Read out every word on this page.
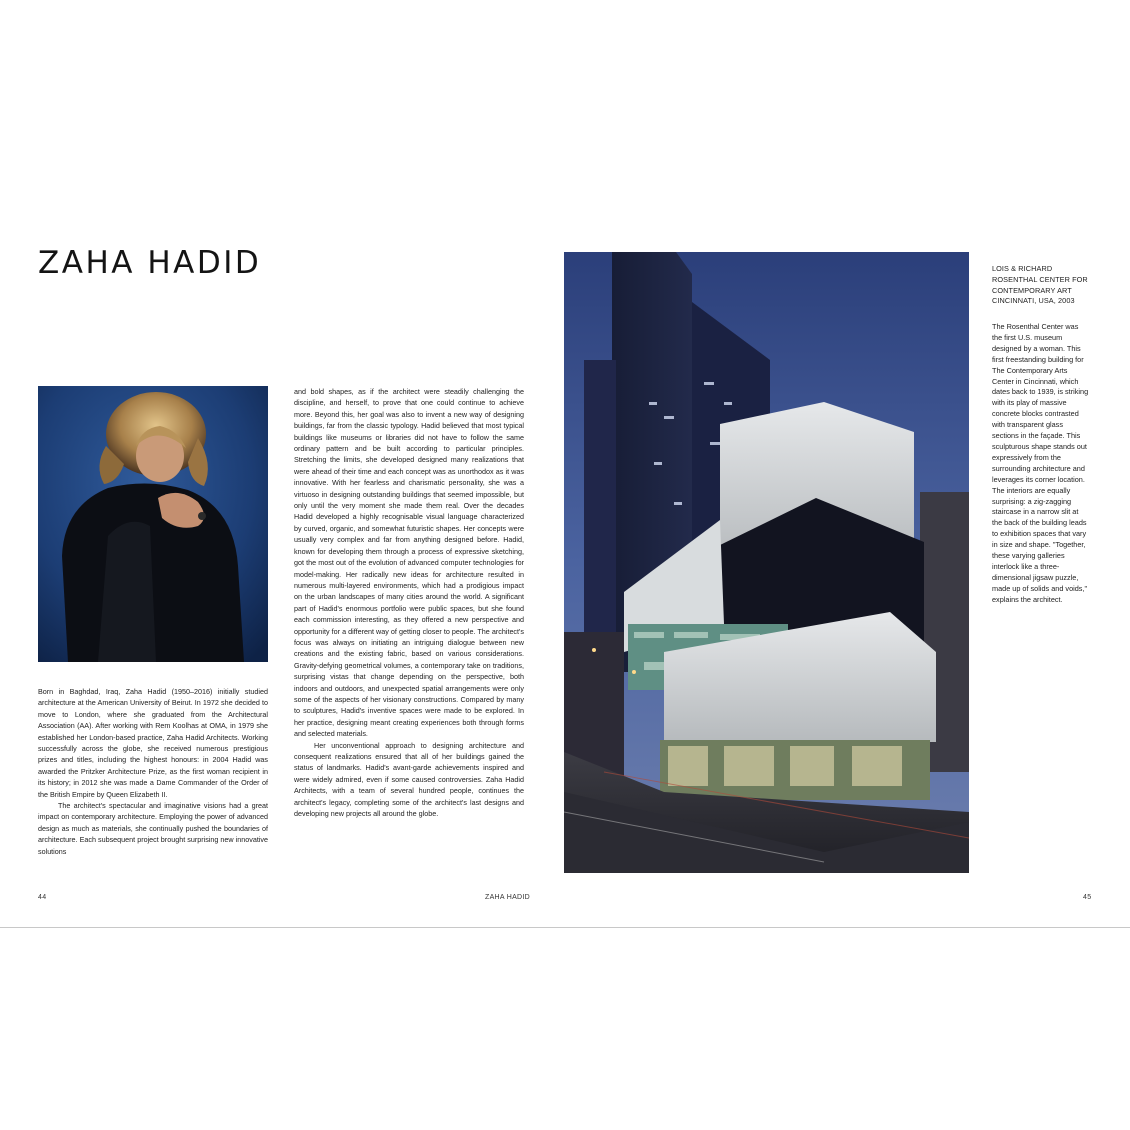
ZAHA HADID

Born in Baghdad, Iraq, Zaha Hadid (1950–2016) initially studied architecture at the American University of Beirut. In 1972 she decided to move to London, where she graduated from the Architectural Association (AA). After working with Rem Koolhas at OMA, in 1979 she established her London-based practice, Zaha Hadid Architects. Working successfully across the globe, she received numerous prestigious prizes and titles, including the highest honours: in 2004 Hadid was awarded the Pritzker Architecture Prize, as the first woman recipient in its history; in 2012 she was made a Dame Commander of the Order of the British Empire by Queen Elizabeth II.

The architect's spectacular and imaginative visions had a great impact on contemporary architecture. Employing the power of advanced design as much as materials, she continually pushed the boundaries of architecture. Each subsequent project brought surprising new innovative solutions

and bold shapes, as if the architect were steadily challenging the discipline, and herself, to prove that one could continue to achieve more. Beyond this, her goal was also to invent a new way of designing buildings, far from the classic typology. Hadid believed that most typical buildings like museums or libraries did not have to follow the same ordinary pattern and be built according to particular principles. Stretching the limits, she developed designed many realizations that were ahead of their time and each concept was as unorthodox as it was innovative. With her fearless and charismatic personality, she was a virtuoso in designing outstanding buildings that seemed impossible, but only until the very moment she made them real. Over the decades Hadid developed a highly recognisable visual language characterized by curved, organic, and somewhat futuristic shapes. Her concepts were usually very complex and far from anything designed before. Hadid, known for developing them through a process of expressive sketching, got the most out of the evolution of advanced computer technologies for model-making. Her radically new ideas for architecture resulted in numerous multi-layered environments, which had a prodigious impact on the urban landscapes of many cities around the world. A significant part of Hadid's enormous portfolio were public spaces, but she found each commission interesting, as they offered a new perspective and opportunity for a different way of getting closer to people. The architect's focus was always on initiating an intriguing dialogue between new creations and the existing fabric, based on various considerations. Gravity-defying geometrical volumes, a contemporary take on traditions, surprising vistas that change depending on the perspective, both indoors and outdoors, and unexpected spatial arrangements were only some of the aspects of her visionary constructions. Compared by many to sculptures, Hadid's inventive spaces were made to be explored. In her practice, designing meant creating experiences both through forms and selected materials.

Her unconventional approach to designing architecture and consequent realizations ensured that all of her buildings gained the status of landmarks. Hadid's avant-garde achievements inspired and were widely admired, even if some caused controversies. Zaha Hadid Architects, with a team of several hundred people, continues the architect's legacy, completing some of the architect's last designs and developing new projects all around the globe.

LOIS & RICHARD
ROSENTHAL CENTER FOR
CONTEMPORARY ART
CINCINNATI, USA, 2003

The Rosenthal Center was the first U.S. museum designed by a woman. This first freestanding building for The Contemporary Arts Center in Cincinnati, which dates back to 1939, is striking with its play of massive concrete blocks contrasted with transparent glass sections in the façade. This sculpturous shape stands out expressively from the surrounding architecture and leverages its corner location. The interiors are equally surprising: a zig-zagging staircase in a narrow slit at the back of the building leads to exhibition spaces that vary in size and shape. "Together, these varying galleries interlock like a three-dimensional jigsaw puzzle, made up of solids and voids," explains the architect.

44	ZAHA HADID	45
